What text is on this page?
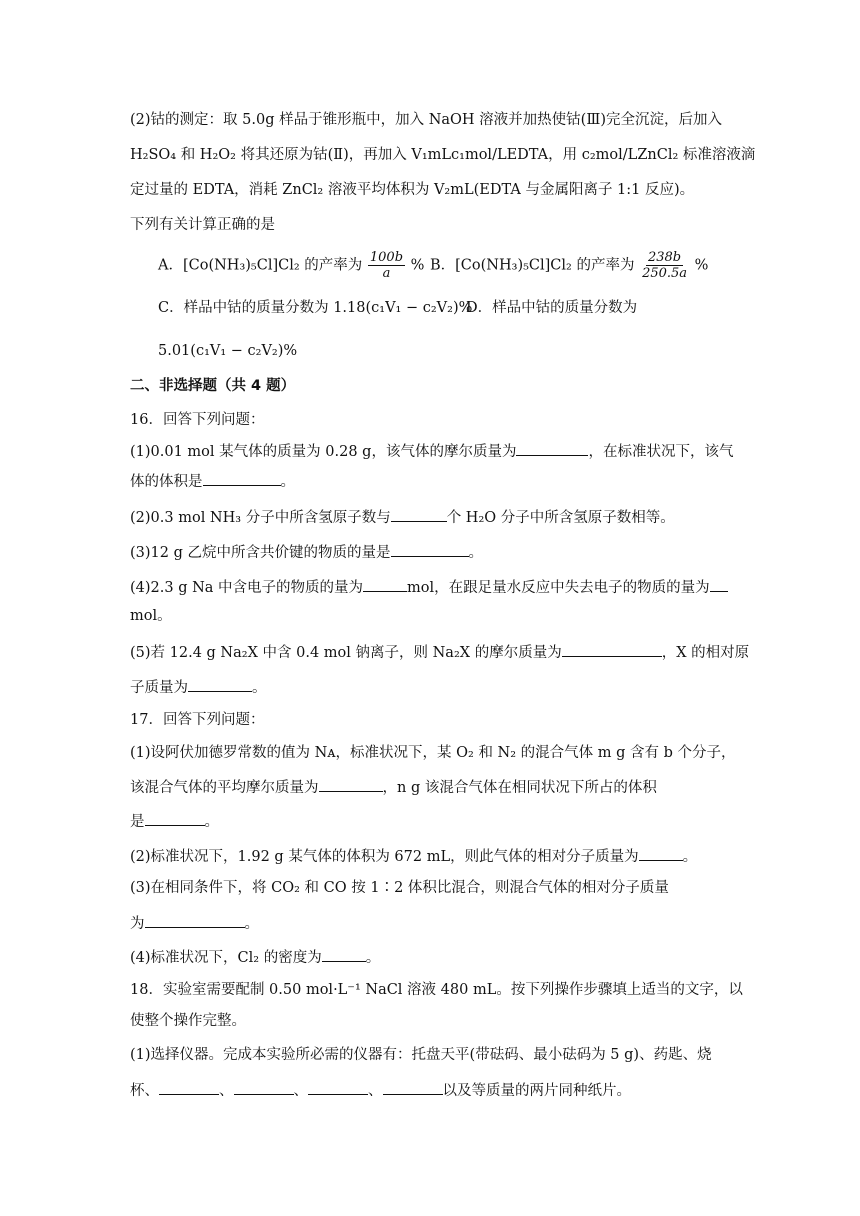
(2)钴的测定：取 5.0g 样品于锥形瓶中，加入 NaOH 溶液并加热使钴(Ⅲ)完全沉淀，后加入
H₂SO₄ 和 H₂O₂ 将其还原为钴(Ⅱ)，再加入 V₁mLc₁mol/LEDTA，用 c₂mol/LZnCl₂ 标准溶液滴
定过量的 EDTA，消耗 ZnCl₂ 溶液平均体积为 V₂mL(EDTA 与金属阳离子 1:1 反应)。
下列有关计算正确的是
A．[Co(NH₃)₅Cl]Cl₂ 的产率为 $\frac{100b}{a}$ % B．[Co(NH₃)₅Cl]Cl₂ 的产率为 $\frac{238b}{250.5a}$ %
C．样品中钴的质量分数为 1.18(c₁V₁ − c₂V₂)%
D．样品中钴的质量分数为
5.01(c₁V₁ − c₂V₂)%
二、非选择题（共 4 题）
16．回答下列问题：
(1)0.01 mol 某气体的质量为 0.28 g，该气体的摩尔质量为	，在标准状况下，该气
体的体积是	。
(2)0.3 mol NH₃ 分子中所含氢原子数与	个 H₂O 分子中所含氢原子数相等。
(3)12 g 乙烷中所含共价键的物质的量是	。
(4)2.3 g Na 中含电子的物质的量为	mol，在跟足量水反应中失去电子的物质的量为
mol。
(5)若 12.4 g Na₂X 中含 0.4 mol 钠离子，则 Na₂X 的摩尔质量为	，X 的相对原
子质量为	。
17．回答下列问题：
(1)设阿伏加德罗常数的值为 Nᴀ，标准状况下，某 O₂ 和 N₂ 的混合气体 m g 含有 b 个分子，
该混合气体的平均摩尔质量为	，n g 该混合气体在相同状况下所占的体积
是	。
(2)标准状况下，1.92 g 某气体的体积为 672 mL，则此气体的相对分子质量为	。
(3)在相同条件下，将 CO₂ 和 CO 按 1∶2 体积比混合，则混合气体的相对分子质量
为	。
(4)标准状况下，Cl₂ 的密度为	。
18．实验室需要配制 0.50 mol·L⁻¹ NaCl 溶液 480 mL。按下列操作步骤填上适当的文字，以
使整个操作完整。
(1)选择仪器。完成本实验所必需的仪器有：托盘天平(带砝码、最小砝码为 5 g)、药匙、烧
杯、	、	、	、	以及等质量的两片同种纸片。
